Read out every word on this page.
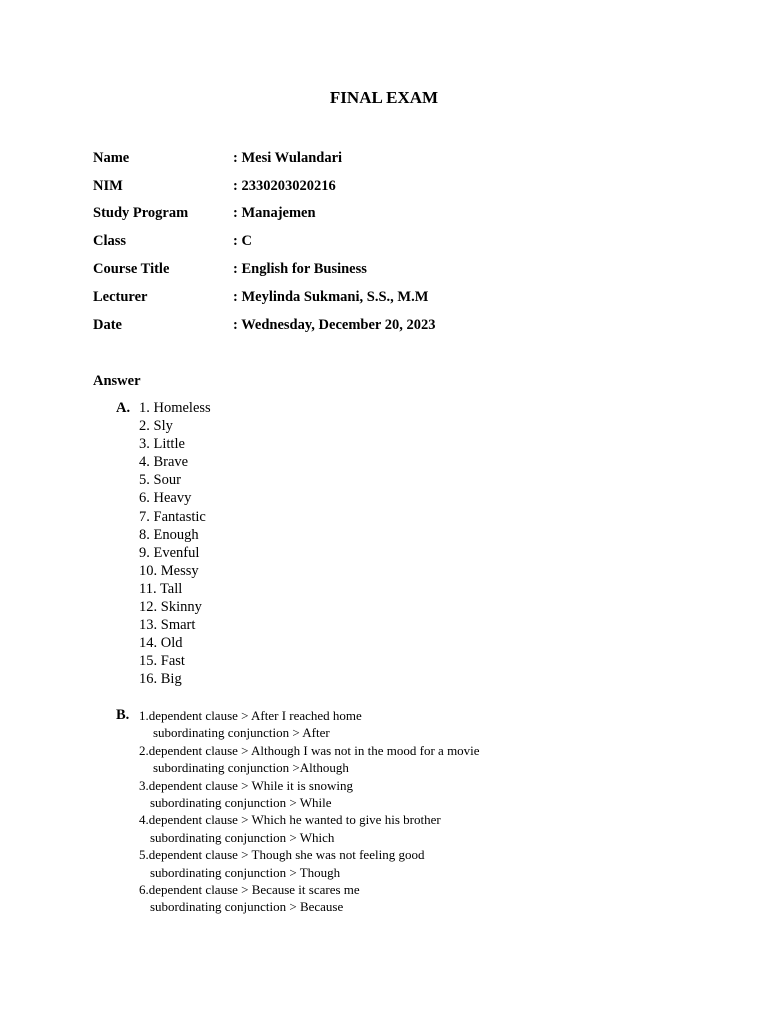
FINAL EXAM
Name	: Mesi Wulandari
NIM	: 2330203020216
Study Program	: Manajemen
Class	: C
Course Title	: English for Business
Lecturer	: Meylinda Sukmani, S.S., M.M
Date	: Wednesday, December 20, 2023
Answer
A. 1. Homeless
2. Sly
3. Little
4. Brave
5. Sour
6. Heavy
7. Fantastic
8. Enough
9. Evenful
10. Messy
11. Tall
12. Skinny
13. Smart
14. Old
15. Fast
16. Big
B. 1.dependent clause > After I reached home
subordinating conjunction > After
2.dependent clause > Although I was not in the mood for a movie
subordinating conjunction >Although
3.dependent clause > While it is snowing
subordinating conjunction > While
4.dependent clause > Which he wanted to give his brother
subordinating conjunction > Which
5.dependent clause > Though she was not feeling good
subordinating conjunction > Though
6.dependent clause > Because it scares me
subordinating conjunction > Because
